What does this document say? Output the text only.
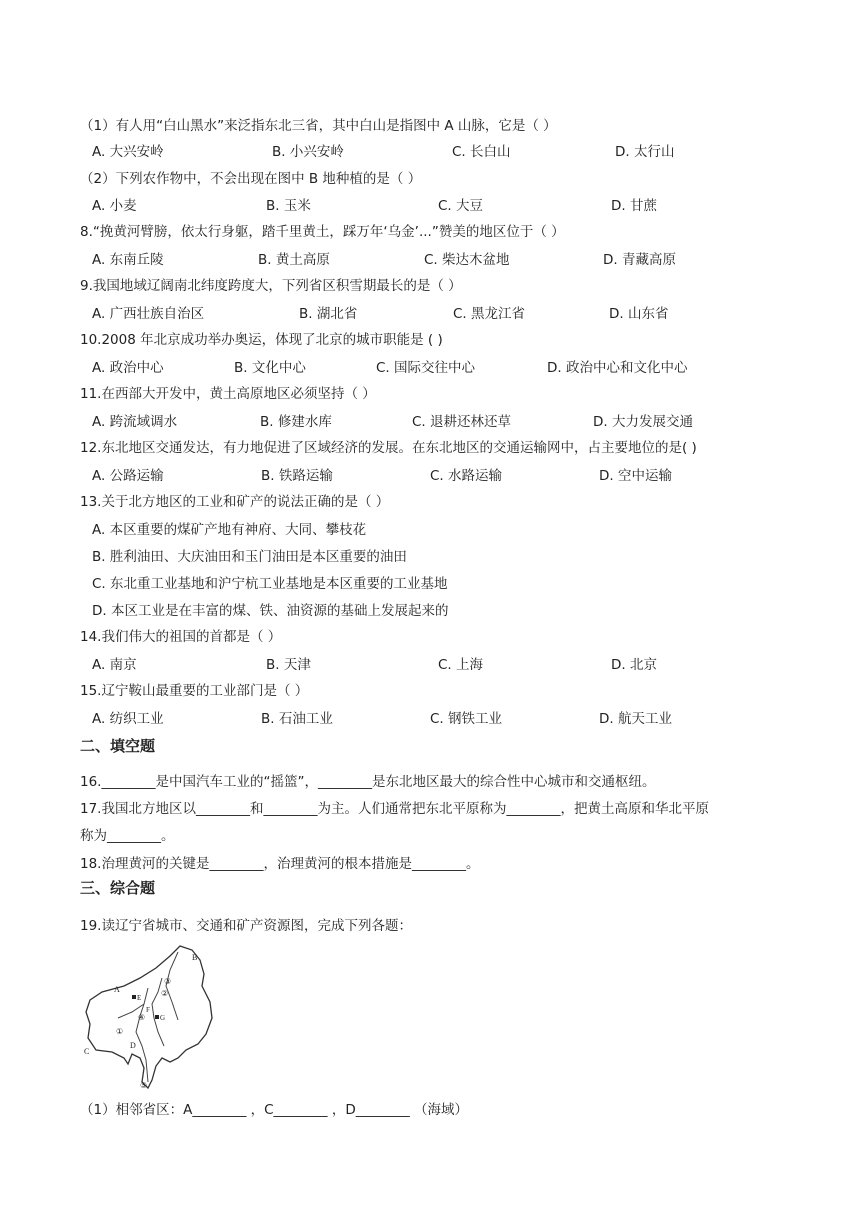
（1）有人用“白山黑水”来泛指东北三省，其中白山是指图中 A 山脉，它是（ ）
A. 大兴安岭	B. 小兴安岭	C. 长白山	D. 太行山
（2）下列农作物中，不会出现在图中 B 地种植的是（ ）
A. 小麦	B. 玉米	C. 大豆	D. 甘蔗
8.“挽黄河臂膀，依太行身躯，踏千里黄土，踩万年‘乌金’...”赞美的地区位于（ ）
A. 东南丘陵	B. 黄土高原	C. 柴达木盆地	D. 青藏高原
9.我国地域辽阔南北纬度跨度大，下列省区积雪期最长的是（ ）
A. 广西壮族自治区	B. 湖北省	C. 黑龙江省	D. 山东省
10.2008 年北京成功举办奥运，体现了北京的城市职能是 ( )
A. 政治中心	B. 文化中心	C. 国际交往中心	D. 政治中心和文化中心
11.在西部大开发中，黄土高原地区必须坚持（ ）
A. 跨流域调水	B. 修建水库	C. 退耕还林还草	D. 大力发展交通
12.东北地区交通发达，有力地促进了区域经济的发展。在东北地区的交通运输网中，占主要地位的是( )
A. 公路运输	B. 铁路运输	C. 水路运输	D. 空中运输
13.关于北方地区的工业和矿产的说法正确的是（ ）
A. 本区重要的煤矿产地有神府、大同、攀枝花
B. 胜利油田、大庆油田和玉门油田是本区重要的油田
C. 东北重工业基地和沪宁杭工业基地是本区重要的工业基地
D. 本区工业是在丰富的煤、铁、油资源的基础上发展起来的
14.我们伟大的祖国的首都是（ ）
A. 南京	B. 天津	C. 上海	D. 北京
15.辽宁鞍山最重要的工业部门是（ ）
A. 纺织工业	B. 石油工业	C. 钢铁工业	D. 航天工业
二、填空题
16.________是中国汽车工业的“摇篮”，________是东北地区最大的综合性中心城市和交通枢纽。
17.我国北方地区以________和________为主。人们通常把东北平原称为________，把黄土高原和华北平原
称为________。
18.治理黄河的关键是________，治理黄河的根本措施是________。
三、综合题
19.读辽宁省城市、交通和矿产资源图，完成下列各题：
A
B
C
D
E
F
G
①
②
③
④
⑤
（1）相邻省区：A________ ，C________ ，D________ （海域）
